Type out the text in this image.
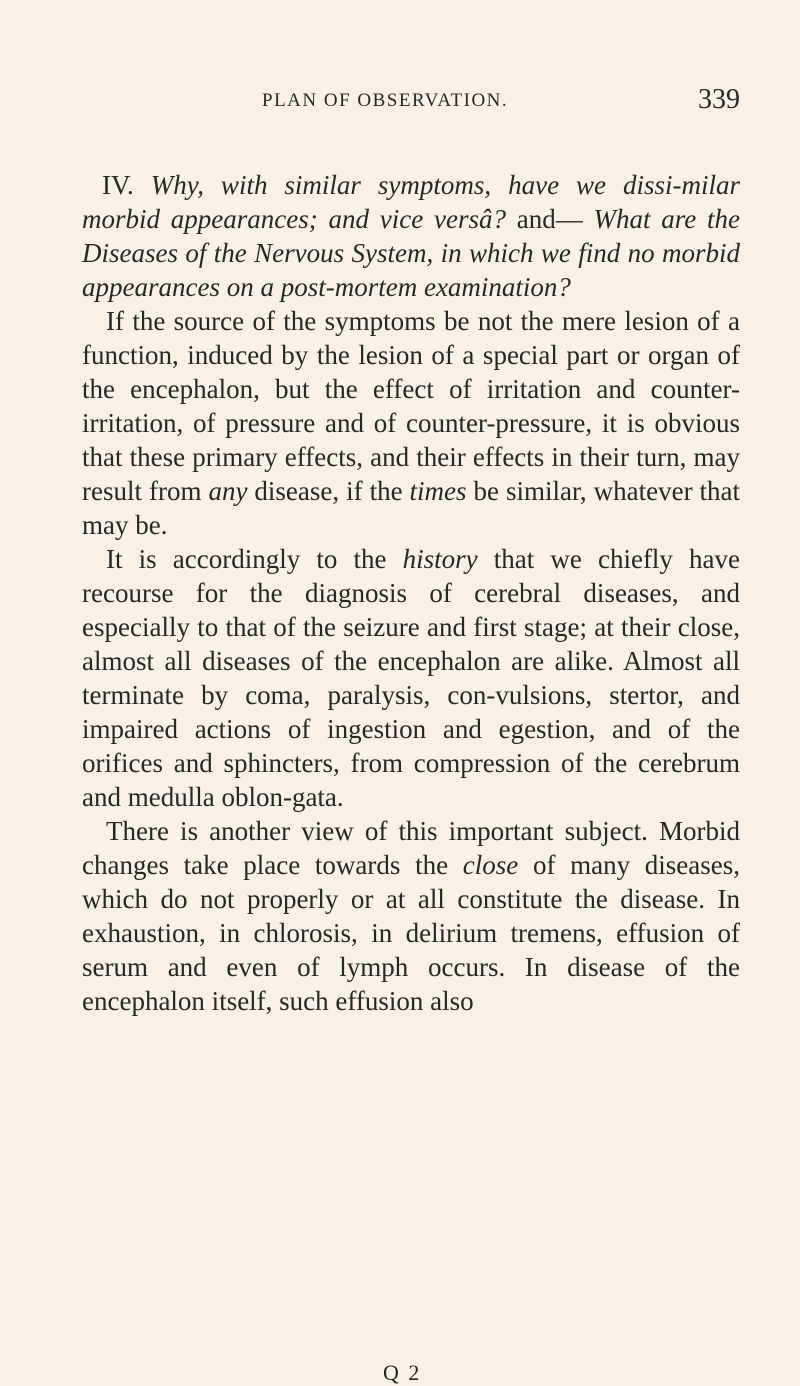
PLAN OF OBSERVATION.	339

IV. Why, with similar symptoms, have we dissi-milar morbid appearances; and vice versâ? and— What are the Diseases of the Nervous System, in which we find no morbid appearances on a post-mortem examination?

If the source of the symptoms be not the mere lesion of a function, induced by the lesion of a special part or organ of the encephalon, but the effect of irritation and counter-irritation, of pressure and of counter-pressure, it is obvious that these primary effects, and their effects in their turn, may result from any disease, if the times be similar, whatever that may be.

It is accordingly to the history that we chiefly have recourse for the diagnosis of cerebral diseases, and especially to that of the seizure and first stage; at their close, almost all diseases of the encephalon are alike. Almost all terminate by coma, paralysis, con-vulsions, stertor, and impaired actions of ingestion and egestion, and of the orifices and sphincters, from compression of the cerebrum and medulla oblon-gata.

There is another view of this important subject. Morbid changes take place towards the close of many diseases, which do not properly or at all constitute the disease. In exhaustion, in chlorosis, in delirium tremens, effusion of serum and even of lymph occurs. In disease of the encephalon itself, such effusion also

Q 2
